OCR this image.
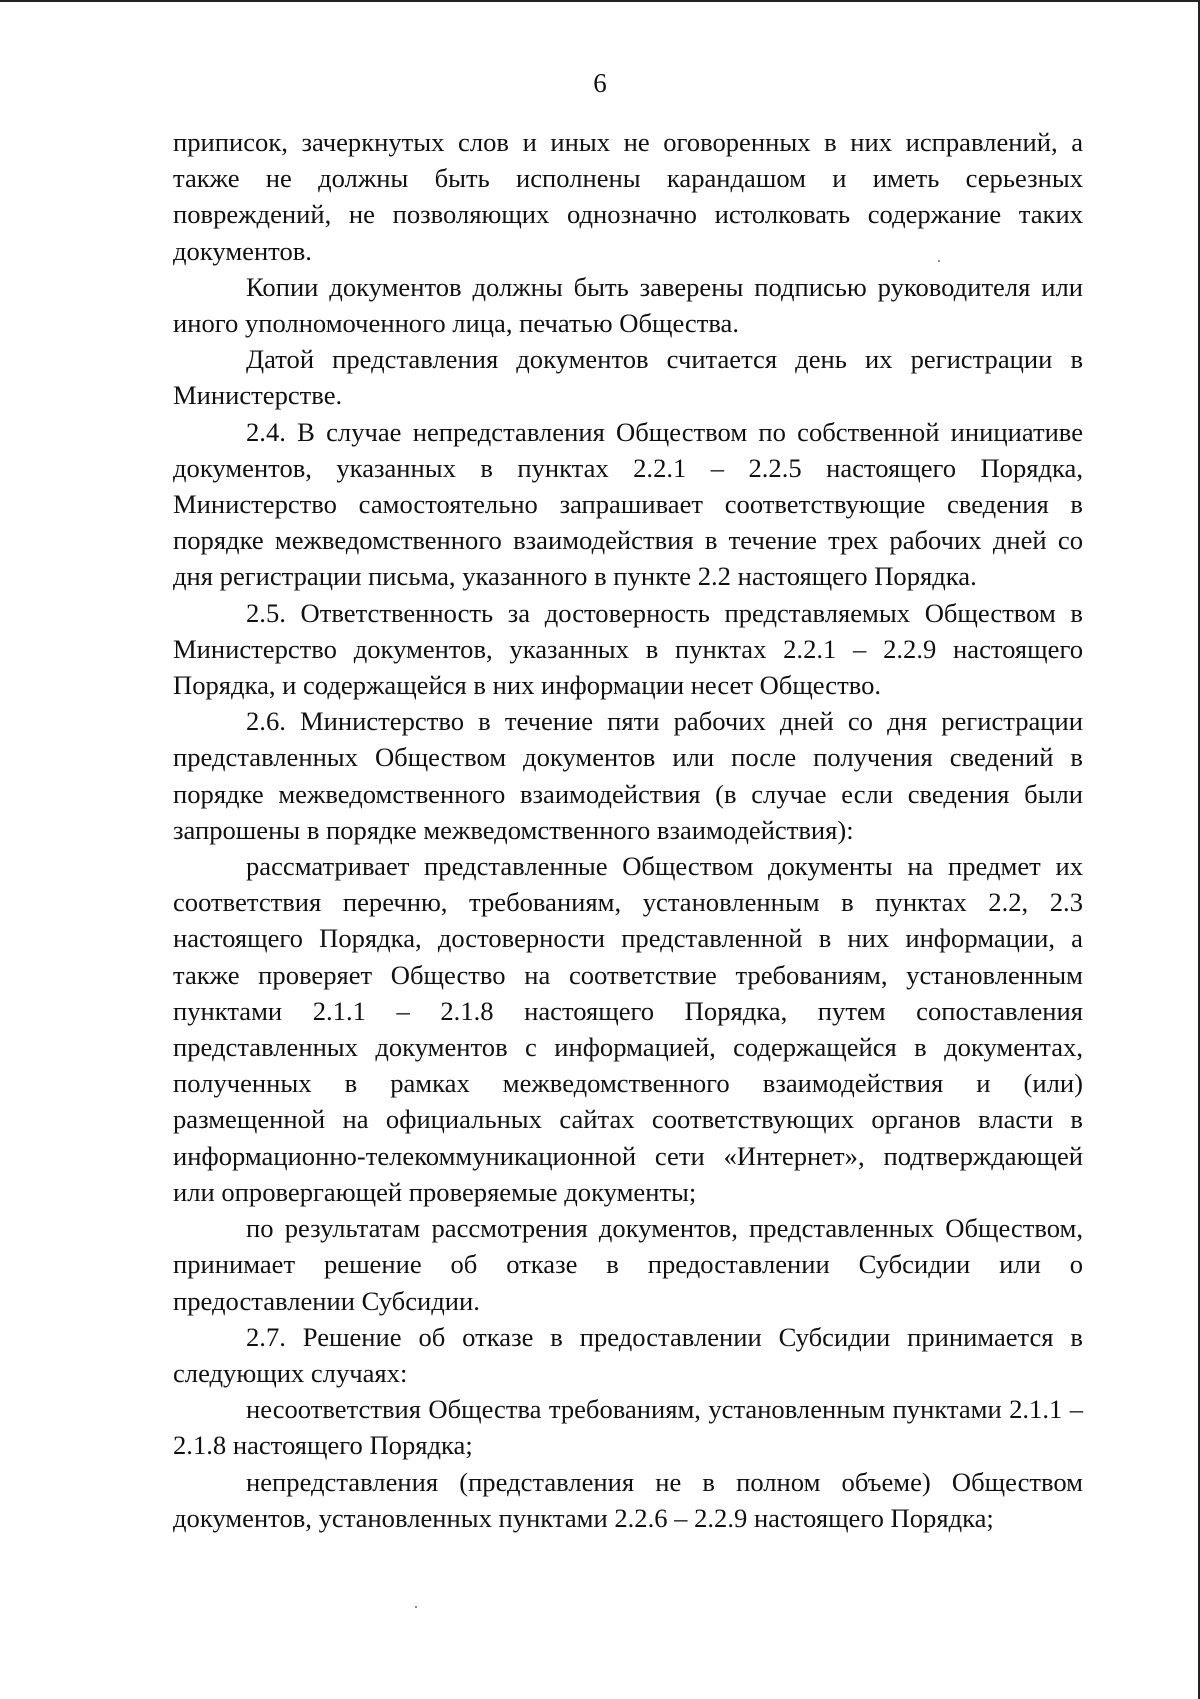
6

приписок, зачеркнутых слов и иных не оговоренных в них исправлений, а также не должны быть исполнены карандашом и иметь серьезных повреждений, не позволяющих однозначно истолковать содержание таких документов.

Копии документов должны быть заверены подписью руководителя или иного уполномоченного лица, печатью Общества.

Датой представления документов считается день их регистрации в Министерстве.

2.4. В случае непредставления Обществом по собственной инициативе документов, указанных в пунктах 2.2.1 – 2.2.5 настоящего Порядка, Министерство самостоятельно запрашивает соответствующие сведения в порядке межведомственного взаимодействия в течение трех рабочих дней со дня регистрации письма, указанного в пункте 2.2 настоящего Порядка.

2.5. Ответственность за достоверность представляемых Обществом в Министерство документов, указанных в пунктах 2.2.1 – 2.2.9 настоящего Порядка, и содержащейся в них информации несет Общество.

2.6. Министерство в течение пяти рабочих дней со дня регистрации представленных Обществом документов или после получения сведений в порядке межведомственного взаимодействия (в случае если сведения были запрошены в порядке межведомственного взаимодействия):

рассматривает представленные Обществом документы на предмет их соответствия перечню, требованиям, установленным в пунктах 2.2, 2.3 настоящего Порядка, достоверности представленной в них информации, а также проверяет Общество на соответствие требованиям, установленным пунктами 2.1.1 – 2.1.8 настоящего Порядка, путем сопоставления представленных документов с информацией, содержащейся в документах, полученных в рамках межведомственного взаимодействия и (или) размещенной на официальных сайтах соответствующих органов власти в информационно-телекоммуникационной сети «Интернет», подтверждающей или опровергающей проверяемые документы;

по результатам рассмотрения документов, представленных Обществом, принимает решение об отказе в предоставлении Субсидии или о предоставлении Субсидии.

2.7. Решение об отказе в предоставлении Субсидии принимается в следующих случаях:

несоответствия Общества требованиям, установленным пунктами 2.1.1 – 2.1.8 настоящего Порядка;

непредставления (представления не в полном объеме) Обществом документов, установленных пунктами 2.2.6 – 2.2.9 настоящего Порядка;
